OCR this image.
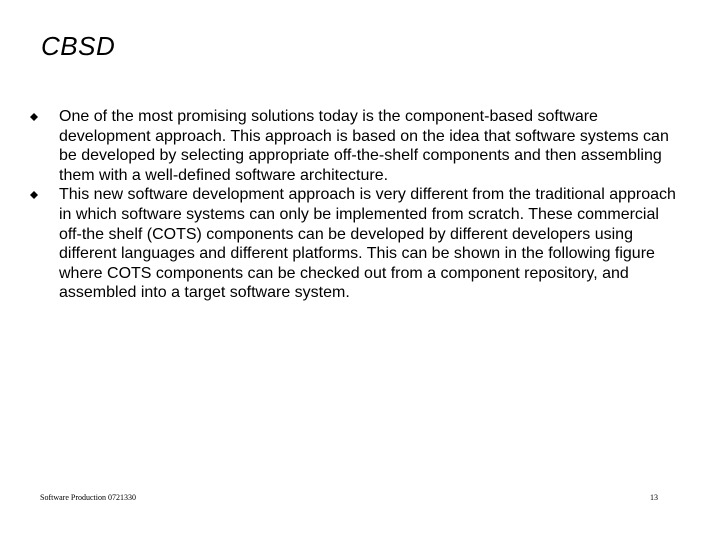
CBSD
One of the most promising solutions today is the component-based software development approach. This approach is based on the idea that software systems can be developed by selecting appropriate off-the-shelf components and then assembling them with a well-defined software architecture.
This new software development approach is very different from the traditional approach in which software systems can only be implemented from scratch. These commercial off-the shelf (COTS) components can be developed by different developers using different languages and different platforms. This can be shown in the following figure where COTS components can be checked out from a component repository, and assembled into a target software system.
Software Production 0721330	13
